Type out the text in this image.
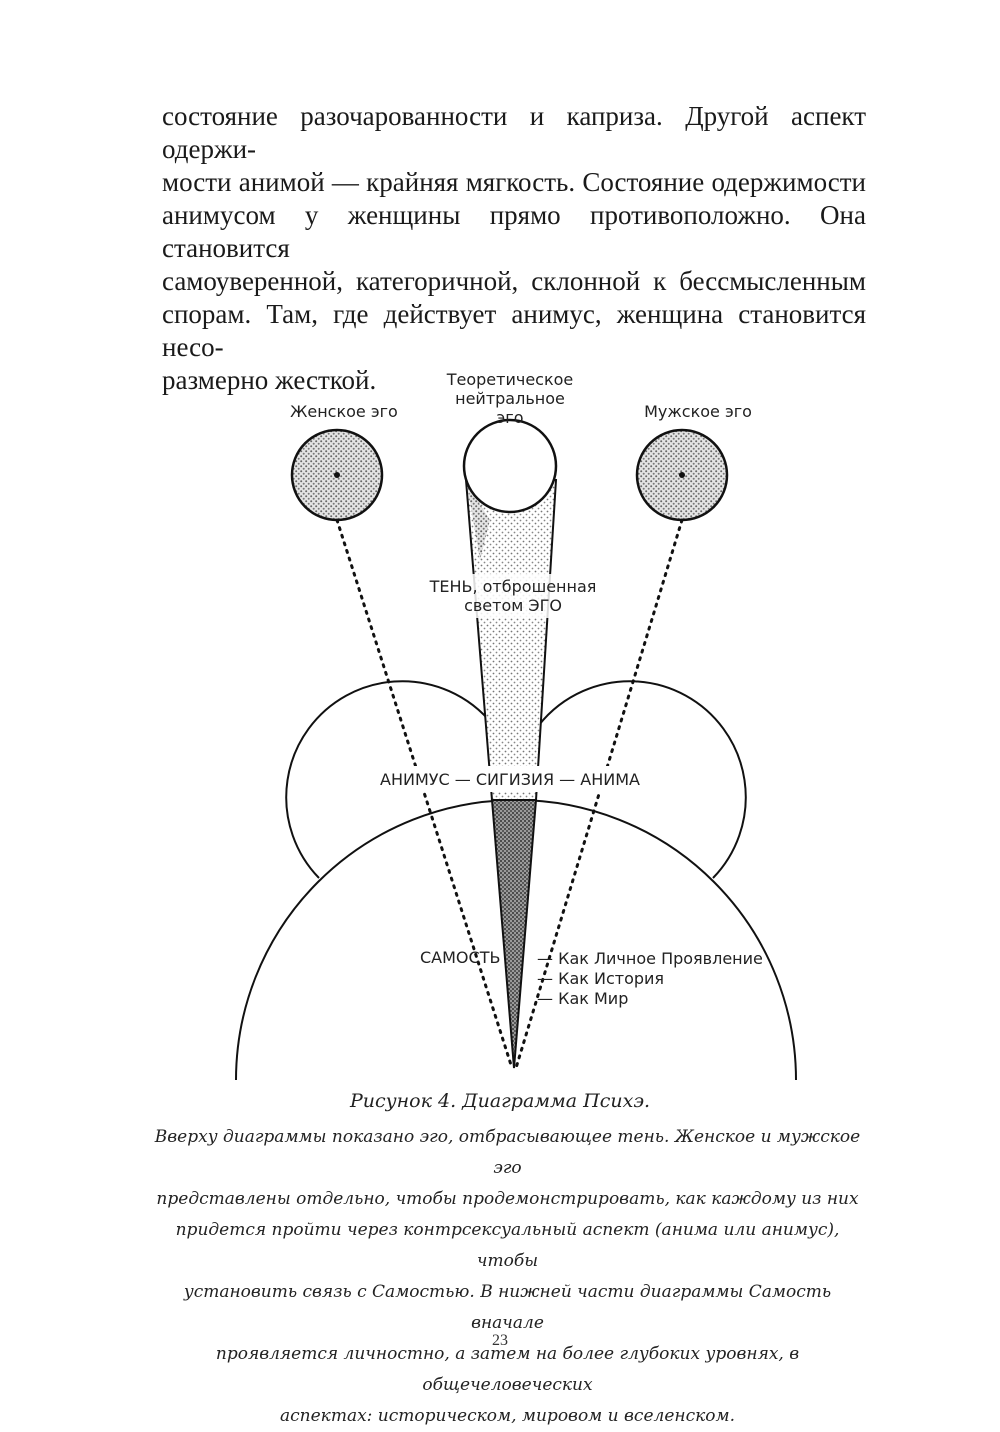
состояние разочарованности и каприза. Другой аспект одержи-
мости анимой — крайняя мягкость. Состояние одержимости
анимусом у женщины прямо противоположно. Она становится
самоуверенной, категоричной, склонной к бессмысленным
спорам. Там, где действует анимус, женщина становится несо-
размерно жесткой.
Женское эго
Теоретическое
нейтральное
эго	Мужское эго
ТЕНЬ, отброшенная
светом ЭГО
АНИМУС — СИГИЗИЯ — АНИМА
САМОСТЬ — Как Личное Проявление
— Как История
— Как Мир
Рисунок 4. Диаграмма Психэ.
Вверху диаграммы показано эго, отбрасывающее тень. Женское и мужское эго
представлены отдельно, чтобы продемонстрировать, как каждому из них
придется пройти через контрсексуальный аспект (анима или анимус), чтобы
установить связь с Самостью. В нижней части диаграммы Самость вначале
проявляется личностно, а затем на более глубоких уровнях, в общечеловеческих
аспектах: историческом, мировом и вселенском.
23
